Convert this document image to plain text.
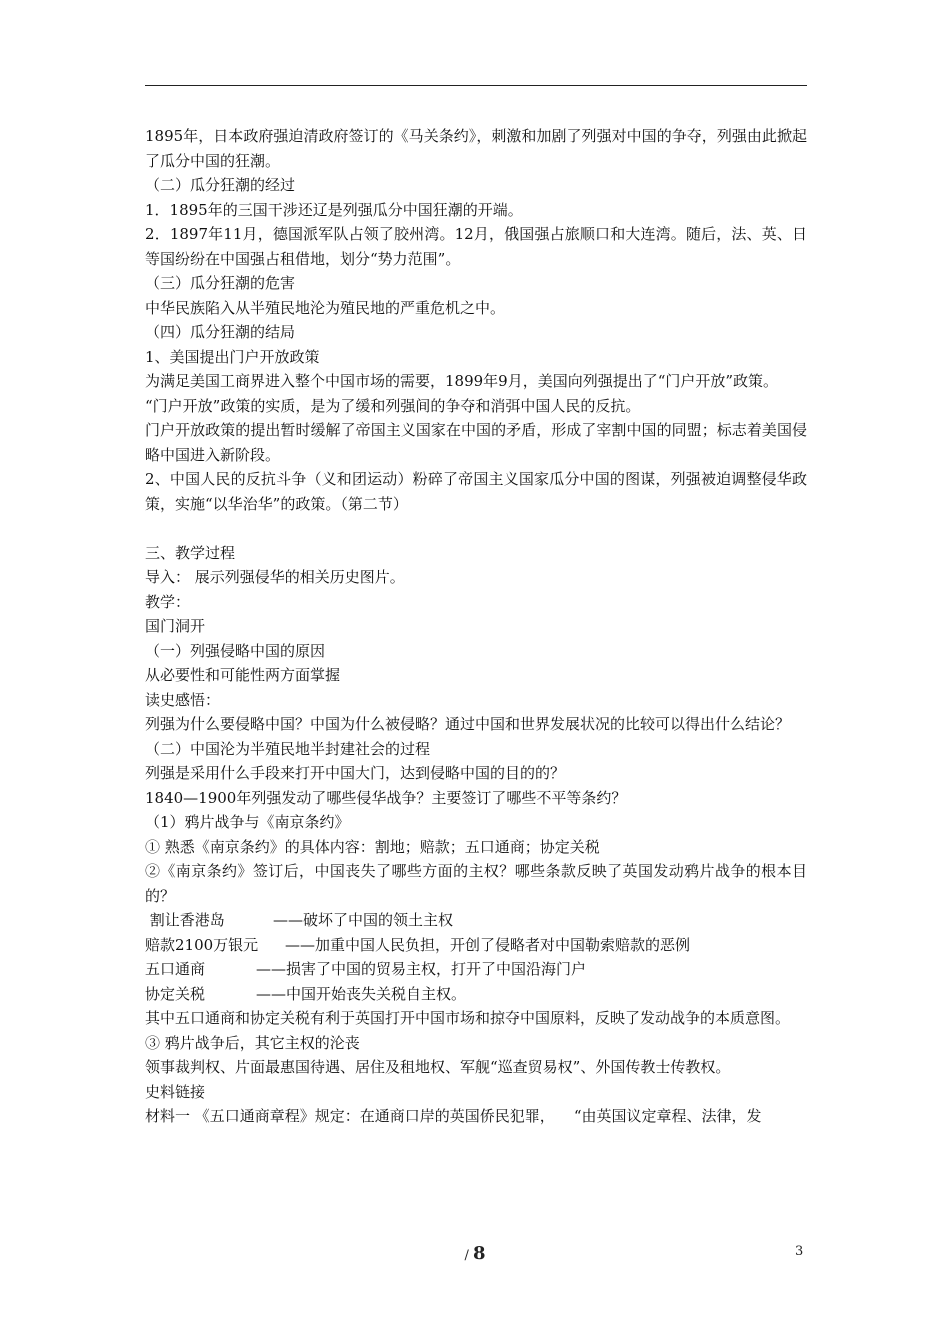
1895年，日本政府强迫清政府签订的《马关条约》，刺激和加剧了列强对中国的争夺，列强由此掀起了瓜分中国的狂潮。

（二）瓜分狂潮的经过

1．1895年的三国干涉还辽是列强瓜分中国狂潮的开端。

2．1897年11月，德国派军队占领了胶州湾。12月，俄国强占旅顺口和大连湾。随后，法、英、日等国纷纷在中国强占租借地，划分“势力范围”。

（三）瓜分狂潮的危害

中华民族陷入从半殖民地沦为殖民地的严重危机之中。

（四）瓜分狂潮的结局

1、美国提出门户开放政策

为满足美国工商界进入整个中国市场的需要，1899年9月，美国向列强提出了“门户开放”政策。

“门户开放”政策的实质，是为了缓和列强间的争夺和消弭中国人民的反抗。

门户开放政策的提出暂时缓解了帝国主义国家在中国的矛盾，形成了宰割中国的同盟；标志着美国侵略中国进入新阶段。

2、中国人民的反抗斗争（义和团运动）粉碎了帝国主义国家瓜分中国的图谋，列强被迫调整侵华政策，实施“以华治华”的政策。（第二节）

三、教学过程

导入： 展示列强侵华的相关历史图片。

教学：

国门洞开

（一）列强侵略中国的原因

从必要性和可能性两方面掌握

读史感悟：

列强为什么要侵略中国？中国为什么被侵略？通过中国和世界发展状况的比较可以得出什么结论？

（二）中国沦为半殖民地半封建社会的过程

列强是采用什么手段来打开中国大门，达到侵略中国的目的的？

1840—1900年列强发动了哪些侵华战争？主要签订了哪些不平等条约？

（1）鸦片战争与《南京条约》

① 熟悉《南京条约》的具体内容：割地；赔款；五口通商；协定关税

②《南京条约》签订后，中国丧失了哪些方面的主权？哪些条款反映了英国发动鸦片战争的根本目的？

割让香港岛	——破坏了中国的领土主权
赔款2100万银元	——加重中国人民负担，开创了侵略者对中国勒索赔款的恶例
五口通商	——损害了中国的贸易主权，打开了中国沿海门户
协定关税	——中国开始丧失关税自主权。

其中五口通商和协定关税有利于英国打开中国市场和掠夺中国原料，反映了发动战争的本质意图。

③ 鸦片战争后，其它主权的沦丧

领事裁判权、片面最惠国待遇、居住及租地权、军舰“巡查贸易权”、外国传教士传教权。

史料链接

材料一 《五口通商章程》规定：在通商口岸的英国侨民犯罪，    “由英国议定章程、法律，发

/ 8	3
